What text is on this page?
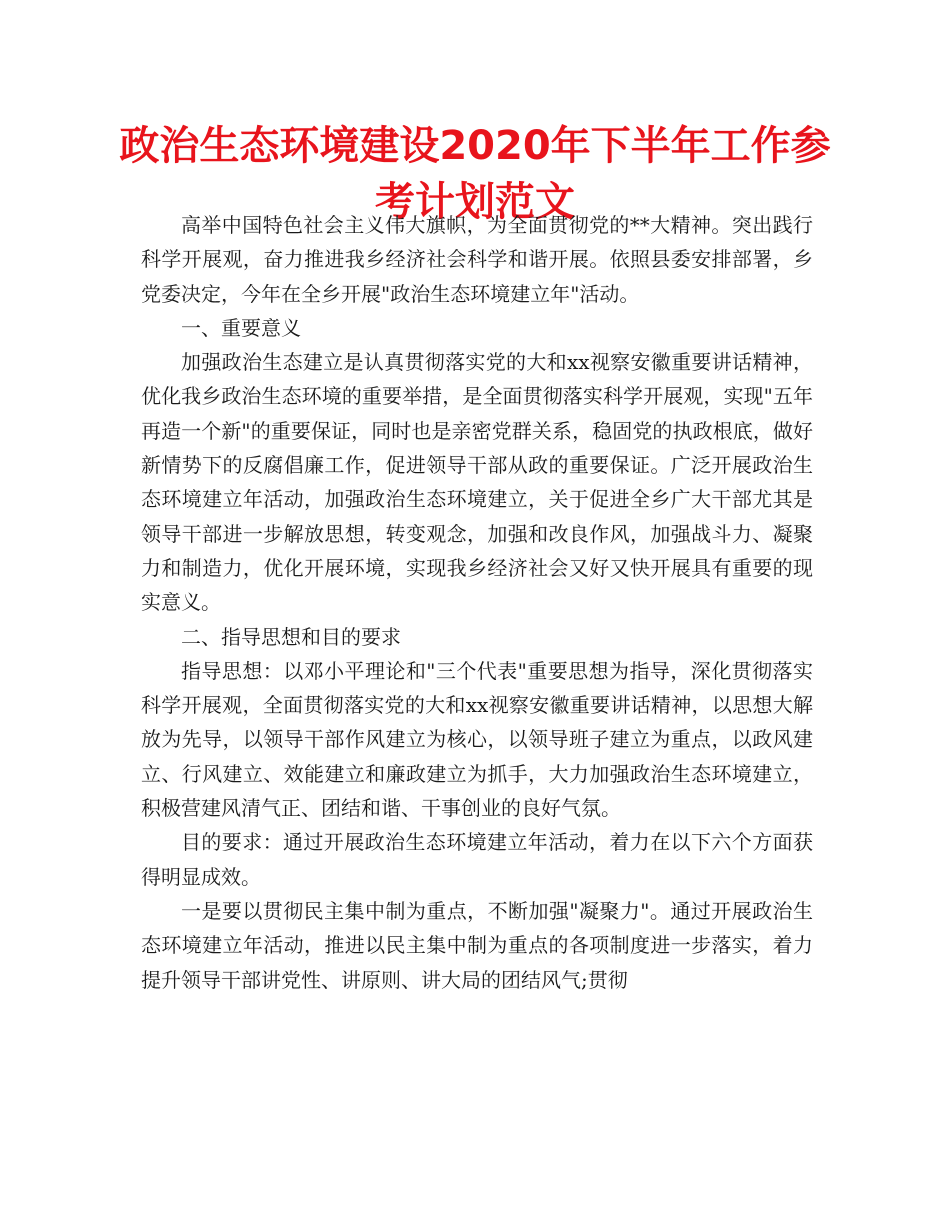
政治生态环境建设2020年下半年工作参考计划范文

高举中国特色社会主义伟大旗帜，为全面贯彻党的**大精神。突出践行科学开展观，奋力推进我乡经济社会科学和谐开展。依照县委安排部署，乡党委决定，今年在全乡开展"政治生态环境建立年"活动。

一、重要意义

加强政治生态建立是认真贯彻落实党的大和xx视察安徽重要讲话精神，优化我乡政治生态环境的重要举措，是全面贯彻落实科学开展观，实现"五年再造一个新"的重要保证，同时也是亲密党群关系，稳固党的执政根底，做好新情势下的反腐倡廉工作，促进领导干部从政的重要保证。广泛开展政治生态环境建立年活动，加强政治生态环境建立，关于促进全乡广大干部尤其是领导干部进一步解放思想，转变观念，加强和改良作风，加强战斗力、凝聚力和制造力，优化开展环境，实现我乡经济社会又好又快开展具有重要的现实意义。

二、指导思想和目的要求

指导思想：以邓小平理论和"三个代表"重要思想为指导，深化贯彻落实科学开展观，全面贯彻落实党的大和xx视察安徽重要讲话精神，以思想大解放为先导，以领导干部作风建立为核心，以领导班子建立为重点，以政风建立、行风建立、效能建立和廉政建立为抓手，大力加强政治生态环境建立，积极营建风清气正、团结和谐、干事创业的良好气氛。

目的要求：通过开展政治生态环境建立年活动，着力在以下六个方面获得明显成效。

一是要以贯彻民主集中制为重点，不断加强"凝聚力"。通过开展政治生态环境建立年活动，推进以民主集中制为重点的各项制度进一步落实，着力提升领导干部讲党性、讲原则、讲大局的团结风气;贯彻
